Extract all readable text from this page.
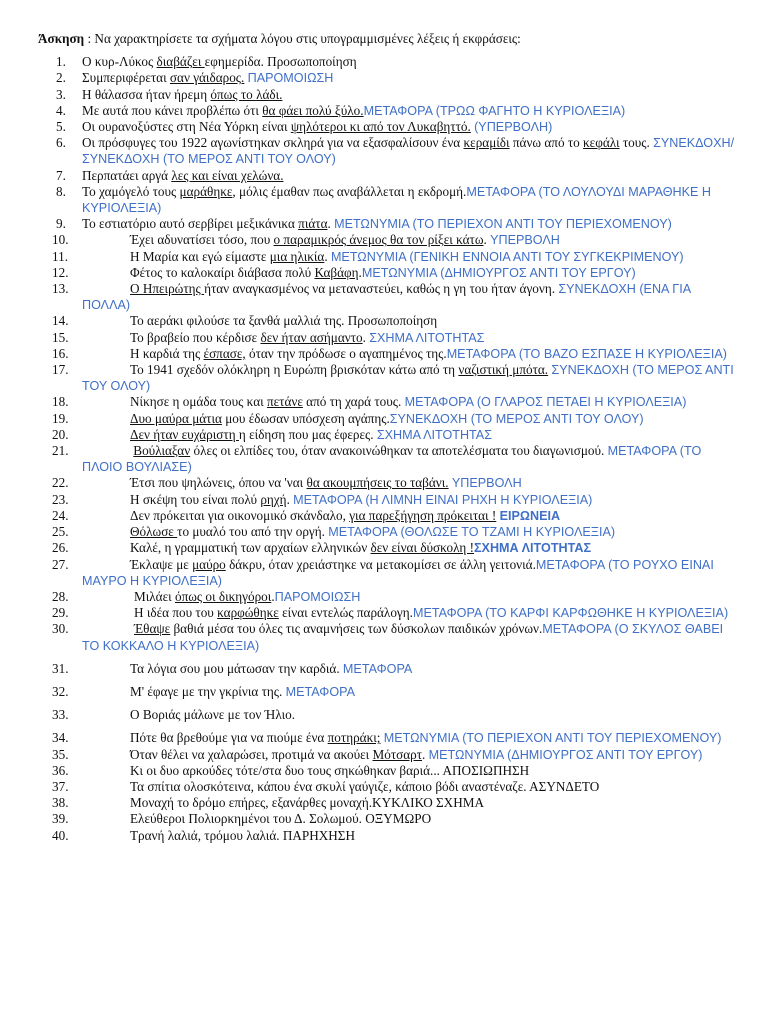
Άσκηση : Να χαρακτηρίσετε τα σχήματα λόγου στις υπογραμμισμένες λέξεις ή εκφράσεις:
1.	Ο κυρ-Λύκος διαβάζει εφημερίδα. Προσωποποίηση
2.	Συμπεριφέρεται σαν γάιδαρος. ΠΑΡΟΜΟΙΩΣΗ
3.	Η θάλασσα ήταν ήρεμη όπως το λάδι.
4.	Με αυτά που κάνει προβλέπω ότι θα φάει πολύ ξύλο.ΜΕΤΑΦΟΡΑ (ΤΡΩΩ ΦΑΓΗΤΟ Η ΚΥΡΙΟΛΕΞΙΑ)
5.	Οι ουρανοξύστες στη Νέα Υόρκη είναι ψηλότεροι κι από τον Λυκαβηττό. (ΥΠΕΡΒΟΛΗ)
6.	Οι πρόσφυγες του 1922 αγωνίστηκαν σκληρά για να εξασφαλίσουν ένα κεραμίδι πάνω από το κεφάλι τους. ΣΥΝΕΚΔΟΧΗ/ΣΥΝΕΚΔΟΧΗ (ΤΟ ΜΕΡΟΣ ΑΝΤΙ ΤΟΥ ΟΛΟΥ)
7.	Περπατάει αργά λες και είναι χελώνα.
8.	Το χαμόγελό τους μαράθηκε, μόλις έμαθαν πως αναβάλλεται η εκδρομή.ΜΕΤΑΦΟΡΑ (ΤΟ ΛΟΥΛΟΥΔΙ ΜΑΡΑΘΗΚΕ Η ΚΥΡΙΟΛΕΞΙΑ)
9.	Το εστιατόριο αυτό σερβίρει μεξικάνικα πιάτα. ΜΕΤΩΝΥΜΙΑ (ΤΟ ΠΕΡΙΕΧΟΝ ΑΝΤΙ ΤΟΥ ΠΕΡΙΕΧΟΜΕΝΟΥ)
10.	Έχει αδυνατίσει τόσο, που ο παραμικρός άνεμος θα τον ρίξει κάτω. ΥΠΕΡΒΟΛΗ
11.	Η Μαρία και εγώ είμαστε μια ηλικία. ΜΕΤΩΝΥΜΙΑ (ΓΕΝΙΚΗ ΕΝΝΟΙΑ ΑΝΤΙ ΤΟΥ ΣΥΓΚΕΚΡΙΜΕΝΟΥ)
12.	Φέτος το καλοκαίρι διάβασα πολύ Καβάφη.ΜΕΤΩΝΥΜΙΑ (ΔΗΜΙΟΥΡΓΟΣ ΑΝΤΙ ΤΟΥ ΕΡΓΟΥ)
13.	Ο Ηπειρώτης ήταν αναγκασμένος να μεταναστεύει, καθώς η γη του ήταν άγονη. ΣΥΝΕΚΔΟΧΗ (ΕΝΑ ΓΙΑ ΠΟΛΛΑ)
14.	Το αεράκι φιλούσε τα ξανθά μαλλιά της. Προσωποποίηση
15.	Το βραβείο που κέρδισε δεν ήταν ασήμαντο. ΣΧΗΜΑ ΛΙΤΟΤΗΤΑΣ
16.	Η καρδιά της έσπασε, όταν την πρόδωσε ο αγαπημένος της.ΜΕΤΑΦΟΡΑ (ΤΟ ΒΑΖΟ ΕΣΠΑΣΕ Η ΚΥΡΙΟΛΕΞΙΑ)
17.	Το 1941 σχεδόν ολόκληρη η Ευρώπη βρισκόταν κάτω από τη ναζιστική μπότα. ΣΥΝΕΚΔΟΧΗ (ΤΟ ΜΕΡΟΣ ΑΝΤΙ ΤΟΥ ΟΛΟΥ)
18.	Νίκησε η ομάδα τους και πετάνε από τη χαρά τους. ΜΕΤΑΦΟΡΑ (Ο ΓΛΑΡΟΣ ΠΕΤΑΕΙ Η ΚΥΡΙΟΛΕΞΙΑ)
19.	Δυο μαύρα μάτια μου έδωσαν υπόσχεση αγάπης.ΣΥΝΕΚΔΟΧΗ (ΤΟ ΜΕΡΟΣ ΑΝΤΙ ΤΟΥ ΟΛΟΥ)
20.	Δεν ήταν ευχάριστη η είδηση που μας έφερες. ΣΧΗΜΑ ΛΙΤΟΤΗΤΑΣ
21.	Βούλιαξαν όλες οι ελπίδες του, όταν ανακοινώθηκαν τα αποτελέσματα του διαγωνισμού. ΜΕΤΑΦΟΡΑ (ΤΟ ΠΛΟΙΟ ΒΟΥΛΙΑΣΕ)
22.	Έτσι που ψηλώνεις, όπου να 'ναι θα ακουμπήσεις το ταβάνι. ΥΠΕΡΒΟΛΗ
23.	Η σκέψη του είναι πολύ ρηχή. ΜΕΤΑΦΟΡΑ (Η ΛΙΜΝΗ ΕΙΝΑΙ ΡΗΧΗ Η ΚΥΡΙΟΛΕΞΙΑ)
24.	Δεν πρόκειται για οικονομικό σκάνδαλο, για παρεξήγηση πρόκειται ! ΕΙΡΩΝΕΙΑ
25.	Θόλωσε το μυαλό του από την οργή. ΜΕΤΑΦΟΡΑ (ΘΟΛΩΣΕ ΤΟ ΤΖΑΜΙ Η ΚΥΡΙΟΛΕΞΙΑ)
26.	Καλέ, η γραμματική των αρχαίων ελληνικών δεν είναι δύσκολη !ΣΧΗΜΑ ΛΙΤΟΤΗΤΑΣ
27.	Έκλαψε με μαύρο δάκρυ, όταν χρειάστηκε να μετακομίσει σε άλλη γειτονιά.ΜΕΤΑΦΟΡΑ (ΤΟ ΡΟΥΧΟ ΕΙΝΑΙ ΜΑΥΡΟ Η ΚΥΡΙΟΛΕΞΙΑ)
28.	Μιλάει όπως οι δικηγόροι.ΠΑΡΟΜΟΙΩΣΗ
29.	Η ιδέα που του καρφώθηκε είναι εντελώς παράλογη.ΜΕΤΑΦΟΡΑ (ΤΟ ΚΑΡΦΙ ΚΑΡΦΩΘΗΚΕ Η ΚΥΡΙΟΛΕΞΙΑ)
30.	Έθαψε βαθιά μέσα του όλες τις αναμνήσεις των δύσκολων παιδικών χρόνων.ΜΕΤΑΦΟΡΑ (Ο ΣΚΥΛΟΣ ΘΑΒΕΙ ΤΟ ΚΟΚΚΑΛΟ Η ΚΥΡΙΟΛΕΞΙΑ)
31.	Τα λόγια σου μου μάτωσαν την καρδιά. ΜΕΤΑΦΟΡΑ
32.	Μ' έφαγε με την γκρίνια της. ΜΕΤΑΦΟΡΑ
33.	Ο Βοριάς μάλωνε με τον Ήλιο.
34.	Πότε θα βρεθούμε για να πιούμε ένα ποτηράκι; ΜΕΤΩΝΥΜΙΑ (ΤΟ ΠΕΡΙΕΧΟΝ ΑΝΤΙ ΤΟΥ ΠΕΡΙΕΧΟΜΕΝΟΥ)
35.	Όταν θέλει να χαλαρώσει, προτιμά να ακούει Μότσαρτ. ΜΕΤΩΝΥΜΙΑ (ΔΗΜΙΟΥΡΓΟΣ ΑΝΤΙ ΤΟΥ ΕΡΓΟΥ)
36.	Κι οι δυο αρκούδες τότε/στα δυο τους σηκώθηκαν βαριά... ΑΠΟΣΙΩΠΗΣΗ
37.	Τα σπίτια ολοσκότεινα, κάπου ένα σκυλί γαύγιζε, κάποιο βόδι αναστέναζε. ΑΣΥΝΔΕΤΟ
38.	Μοναχή το δρόμο επήρες, εξανάρθες μοναχή.ΚΥΚΛΙΚΟ ΣΧΗΜΑ
39.	Ελεύθεροι Πολιορκημένοι του Δ. Σολωμού. ΟΞΥΜΩΡΟ
40.	Τρανή λαλιά, τρόμου λαλιά. ΠΑΡΗΧΗΣΗ
